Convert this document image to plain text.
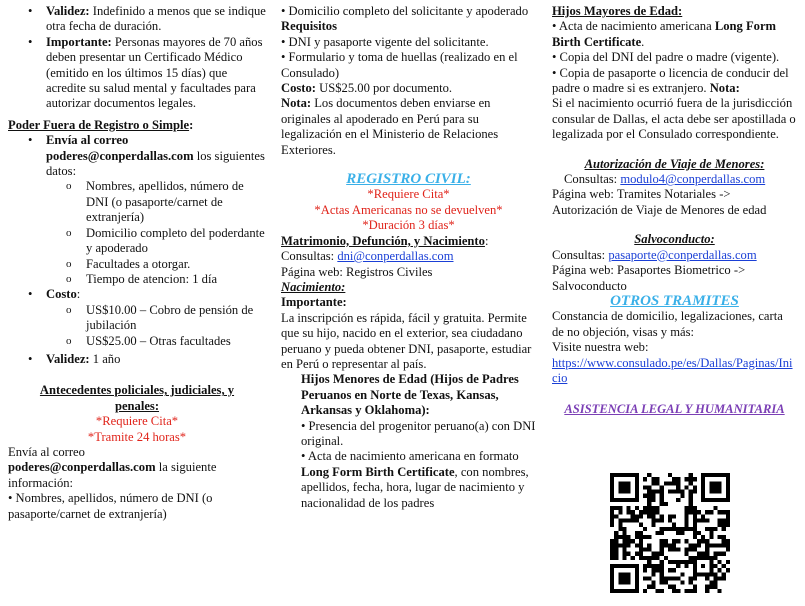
• Validez: Indefinido a menos que se indique otra fecha de duración.
• Importante: Personas mayores de 70 años deben presentar un Certificado Médico (emitido en los últimos 15 días) que acredite su salud mental y facultades para autorizar documentos legales.

Poder Fuera de Registro o Simple:

• Envía al correo
poderes@conperdallas.com los siguientes datos:
o Nombres, apellidos, número de DNI (o pasaporte/carnet de extranjería)
o Domicilio completo del poderdante y apoderado
o Facultades a otorgar.
o Tiempo de atencion: 1 día
• Costo:
o US$10.00 – Cobro de pensión de jubilación
o US$25.00 – Otras facultades
• Validez: 1 año

Antecedentes policiales, judiciales, y penales:

*Requiere Cita*

*Tramite 24 horas*

Envía al correo

poderes@conperdallas.com la siguiente información:

• Nombres, apellidos, número de DNI (o pasaporte/carnet de extranjería)

• Domicilio completo del solicitante y apoderado

Requisitos

• DNI y pasaporte vigente del solicitante.

• Formulario y toma de huellas (realizado en el Consulado)

Costo: US$25.00 por documento.

Nota: Los documentos deben enviarse en originales al apoderado en Perú para su legalización en el Ministerio de Relaciones Exteriores.

REGISTRO CIVIL:

*Requiere Cita*

*Actas Americanas no se devuelven*

*Duración 3 días*

Matrimonio, Defunción, y Nacimiento:

Consultas: dni@conperdallas.com

Página web: Registros Civiles

Nacimiento:

Importante:

La inscripción es rápida, fácil y gratuita. Permite que su hijo, nacido en el exterior, sea ciudadano peruano y pueda obtener DNI, pasaporte, estudiar en Perú o representar al país.

Hijos Menores de Edad (Hijos de Padres Peruanos en Norte de Texas, Kansas, Arkansas y Oklahoma):

• Presencia del progenitor peruano(a) con DNI original.

• Acta de nacimiento americana en formato Long Form Birth Certificate, con nombres, apellidos, fecha, hora, lugar de nacimiento y nacionalidad de los padres

Hijos Mayores de Edad:

• Acta de nacimiento americana Long Form Birth Certificate.

• Copia del DNI del padre o madre (vigente).

• Copia de pasaporte o licencia de conducir del padre o madre si es extranjero. Nota:

Si el nacimiento ocurrió fuera de la jurisdicción consular de Dallas, el acta debe ser apostillada o legalizada por el Consulado correspondiente.

Autorización de Viaje de Menores:

Consultas: modulo4@conperdallas.com

Página web: Tramites Notariales -> Autorización de Viaje de Menores de edad

Salvoconducto:

Consultas: pasaporte@conperdallas.com

Página web: Pasaportes Biometrico -> Salvoconducto

OTROS TRAMITES

Constancia de domicilio, legalizaciones, carta de no objeción, visas y más:

Visite nuestra web:

https://www.consulado.pe/es/Dallas/Paginas/Inicio

ASISTENCIA LEGAL Y HUMANITARIA
